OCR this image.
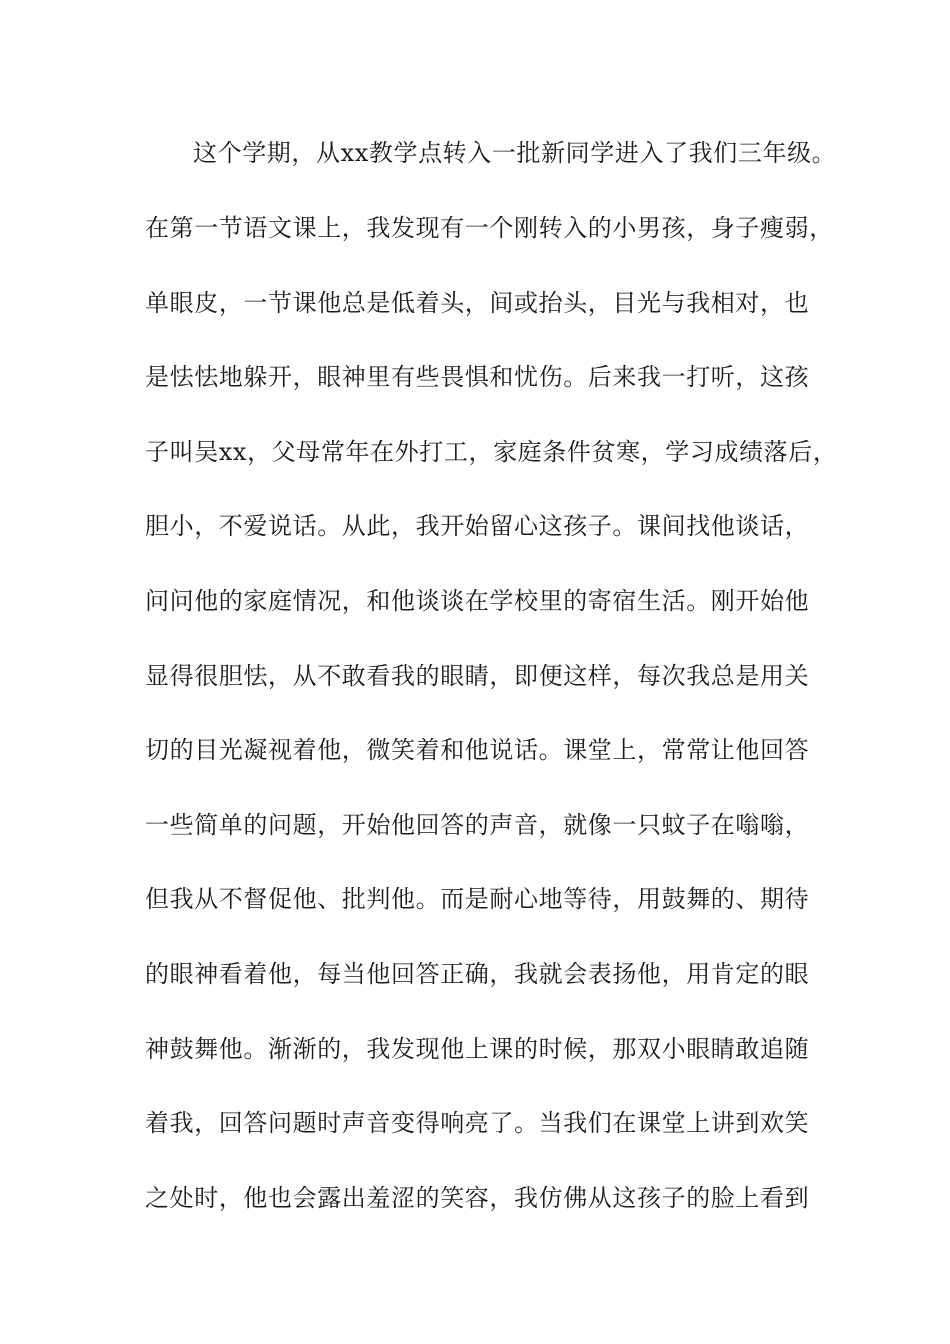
这个学期，从xx教学点转入一批新同学进入了我们三年级。
在第一节语文课上，我发现有一个刚转入的小男孩，身子瘦弱，
单眼皮，一节课他总是低着头，间或抬头，目光与我相对，也
是怯怯地躲开，眼神里有些畏惧和忧伤。后来我一打听，这孩
子叫吴xx，父母常年在外打工，家庭条件贫寒，学习成绩落后，
胆小，不爱说话。从此，我开始留心这孩子。课间找他谈话，
问问他的家庭情况，和他谈谈在学校里的寄宿生活。刚开始他
显得很胆怯，从不敢看我的眼睛，即便这样，每次我总是用关
切的目光凝视着他，微笑着和他说话。课堂上，常常让他回答
一些简单的问题，开始他回答的声音，就像一只蚊子在嗡嗡，
但我从不督促他、批判他。而是耐心地等待，用鼓舞的、期待
的眼神看着他，每当他回答正确，我就会表扬他，用肯定的眼
神鼓舞他。渐渐的，我发现他上课的时候，那双小眼睛敢追随
着我，回答问题时声音变得响亮了。当我们在课堂上讲到欢笑
之处时，他也会露出羞涩的笑容，我仿佛从这孩子的脸上看到
